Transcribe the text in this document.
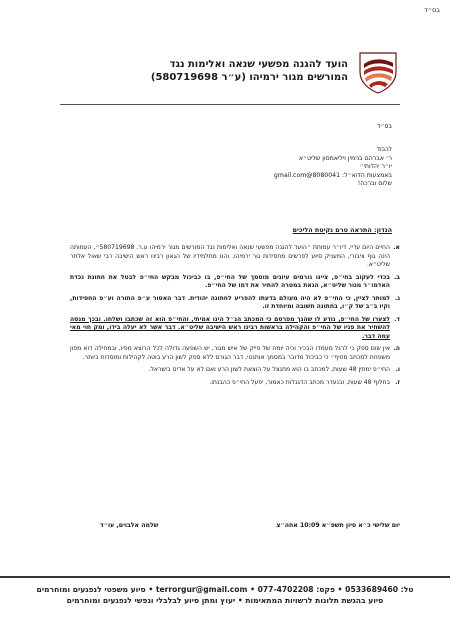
בס״ד
הועד להגנה מפשעי שנאה ואלימות נגד
המורשים מגור ירמיהו (ע״ר 580719698)
בס״ד
לכבוד
ר׳ אברהם בנימין ויליאמסון שליט״א
יו״ר יהדותי״
באמצעות הדוא״ל: 8080041@gmail.com
שלום וברכה!
הנדון: התראה טרם נקיטת הליכים
א.
החיים היום עדיי, דיו״ר עמותת ״הועד להגנה מפשעי שנאה ואלימות נגד המורשים מגור ירמיהו ע.ר. 580719698״, העמותה הינה גוף ציבורי, המעניק סיוע לפרשים מחסידות גור ירמיהו. והנו מתלמידיו של הגאון רבינו ראש הישיבה רבי שאול אלתר שליט״א.
ב.
בכדי לעקוב בחי״פ, ציינו גורמים עיונים מוסמך של החי״פ, בו כביכול מבקש החי״פ לבטל את חתונת נכדת האדמו״ר מגור שליט״א, הגאת במטרה להתיר את דמו של החי״פ.
ג.
למותר לציין, כי החי״פ לא היה מעולם בדעתו להפריע לחתונה יהודית. דבר האסור ע״פ התורה וע״פ החסידות, וקיו ב״ב של ק״ו, בחתונה חשובה ומיוחדת זו.
ד.
לצערו של החי״פ, נודע לו שהנך מפרסם כי המכתב הנ״ל הינו אמיתי, והחי״פ הוא זה שכתבו ושלחו. ובכך מנסה להשחיר את פניו של החי״פ והקהילה בראשות רבינו ראש הישיבה שליט״א. דבר אשר לא יעלה בידו, ומק חוי מאי עמה דבר.
ה.
אין שום ספק כי לרגל מעמדו הבכיר וכיה יומה של פייק של איש מגור, יש השפעה גדולה לכל הרוצא מפיו, ובמחילה דוא מפון משפחת למכתב מזויף״ כי כביכול מדובר במסמך אותנטי, דבר הגורם ללא ספק לשון הרע בוטה לקהילות ומוסדות ביותר.
ו.
החי״פ ימתין 48 שעות, למכתב בו הוא מתנצל על הוצאת לשון הרע ואם לא על אדים בישראל.
ז.
בחלוף 48 שעות, ובנעדר מכתב הדגנלות כאמור, יפעל החי״פ כהבנתו.
יום שלישי כ״א סיון תשפ״א 10:09 אחה״צ
שלמה אלבוים, עו״ד
טל: 0533689460 • פקס: 077-4702208 • terrorgur@gmail.com • סיוע משפטי לנפגעים ומוחרמים
סיוע בהגשת תלונות לרשויות המתאימות • יעוץ ומתן סיוע לבלבלי ונפשי לנפגעים ומוחרמים
